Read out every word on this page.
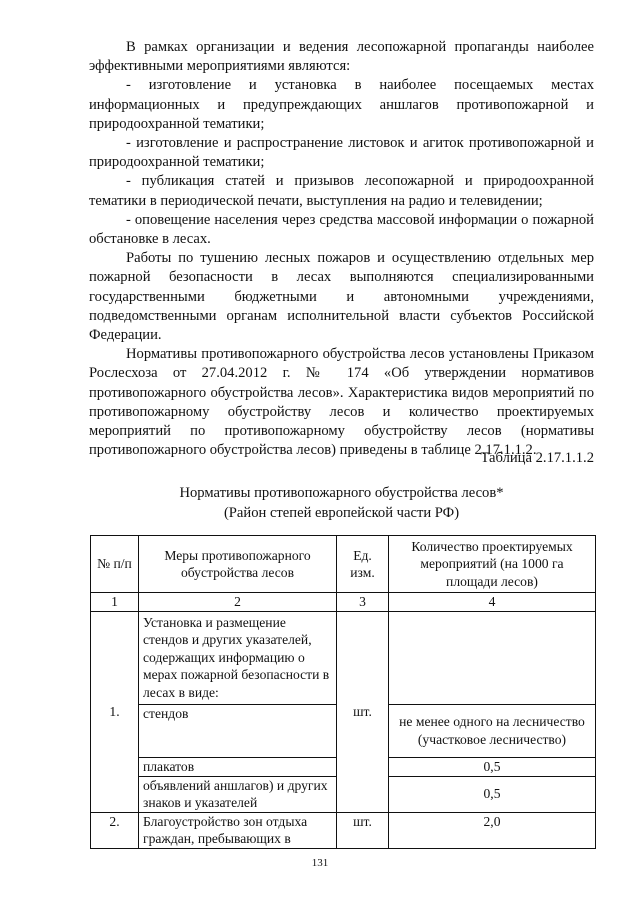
В рамках организации и ведения лесопожарной пропаганды наиболее эффективными мероприятиями являются:

- изготовление и установка в наиболее посещаемых местах информационных и предупреждающих аншлагов противопожарной и природоохранной тематики;

- изготовление и распространение листовок и агиток противопожарной и природоохранной тематики;

- публикация статей и призывов лесопожарной и природоохранной тематики в периодической печати, выступления на радио и телевидении;

- оповещение населения через средства массовой информации о пожарной обстановке в лесах.

Работы по тушению лесных пожаров и осуществлению отдельных мер пожарной безопасности в лесах выполняются специализированными государственными бюджетными и автономными учреждениями, подведомственными органам исполнительной власти субъектов Российской Федерации.

Нормативы противопожарного обустройства лесов установлены Приказом Рослесхоза от 27.04.2012 г. № 174 «Об утверждении нормативов противопожарного обустройства лесов». Характеристика видов мероприятий по противопожарному обустройству лесов и количество проектируемых мероприятий по противопожарному обустройству лесов (нормативы противопожарного обустройства лесов) приведены в таблице 2.17.1.1.2.

Таблица 2.17.1.1.2
Нормативы противопожарного обустройства лесов*
(Район степей европейской части РФ)
№ п/п	Меры противопожарного обустройства лесов	Ед. изм.	Количество проектируемых мероприятий (на 1000 га площади лесов)
1	2	3	4
1.	Установка и размещение стендов и других указателей, содержащих информацию о мерах пожарной безопасности в лесах в виде:	шт.	
	стендов		не менее одного на лесничество (участковое лесничество)
	плакатов		0,5
	объявлений аншлагов) и других знаков и указателей		0,5
2.	Благоустройство зон отдыха граждан, пребывающих в	шт.	2,0
131
